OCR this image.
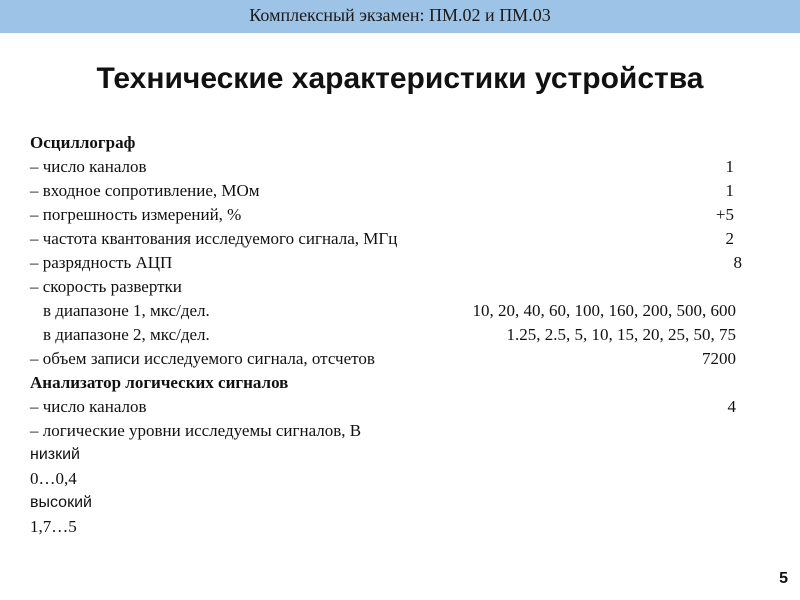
Комплексный экзамен: ПМ.02 и ПМ.03
Технические характеристики устройства
Осциллограф
– число каналов	1
– входное сопротивление, МОм	1
– погрешность измерений, %	+5
– частота квантования исследуемого сигнала, МГц	2
– разрядность АЦП	8
– скорость развертки
в диапазоне 1, мкс/дел.	10, 20, 40, 60, 100, 160, 200, 500, 600
в диапазоне 2, мкс/дел.	1.25, 2.5, 5, 10, 15, 20, 25, 50, 75
– объем записи исследуемого сигнала, отсчетов	7200
Анализатор логических сигналов
– число каналов	4
– логические уровни исследуемы сигналов, В
низкий
0…0,4
высокий
1,7…5
5
